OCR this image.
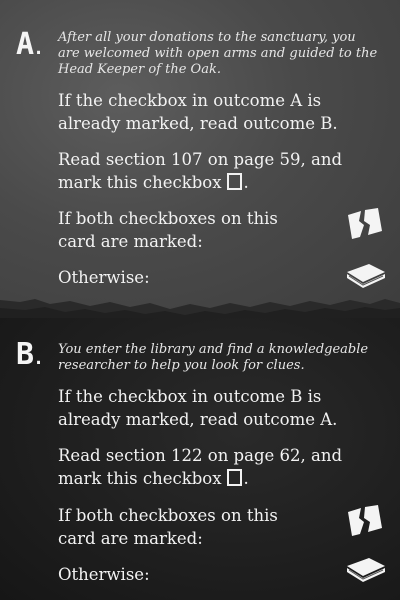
A.

After all your donations to the sanctuary, you are welcomed with open arms and guided to the Head Keeper of the Oak.

If the checkbox in outcome A is already marked, read outcome B.

Read section 107 on page 59, and mark this checkbox .

If both checkboxes on this card are marked:

Otherwise:

B. You enter the library and find a knowledgeable researcher to help you look for clues.

If the checkbox in outcome B is already marked, read outcome A.

Read section 122 on page 62, and mark this checkbox .

If both checkboxes on this card are marked:

Otherwise:
